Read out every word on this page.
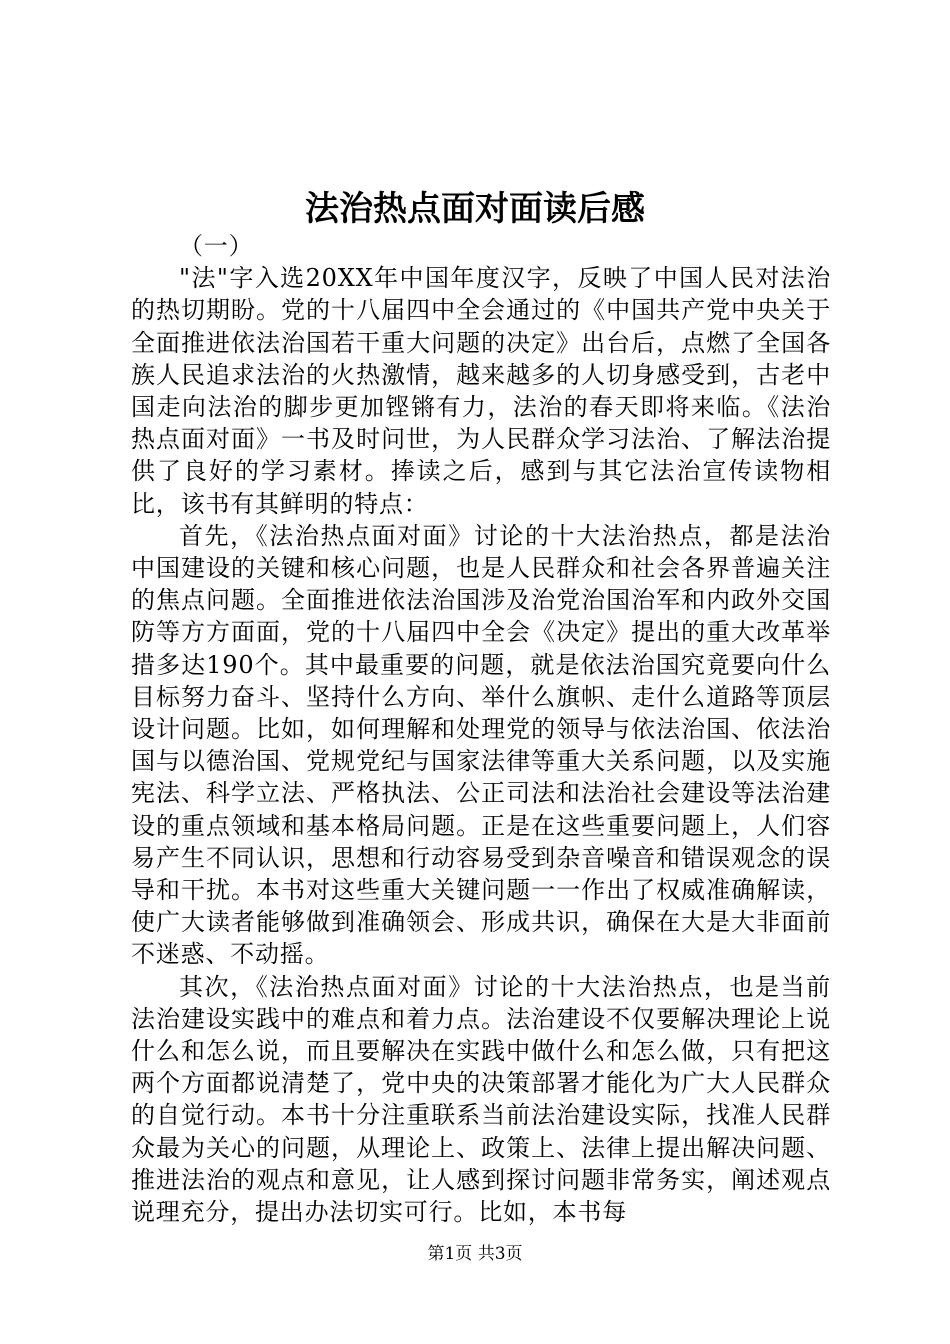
法治热点面对面读后感

（一）

"法"字入选20XX年中国年度汉字，反映了中国人民对法治的热切期盼。党的十八届四中全会通过的《中国共产党中央关于全面推进依法治国若干重大问题的决定》出台后，点燃了全国各族人民追求法治的火热激情，越来越多的人切身感受到，古老中国走向法治的脚步更加铿锵有力，法治的春天即将来临。《法治热点面对面》一书及时问世，为人民群众学习法治、了解法治提供了良好的学习素材。捧读之后，感到与其它法治宣传读物相比，该书有其鲜明的特点：

首先，《法治热点面对面》讨论的十大法治热点，都是法治中国建设的关键和核心问题，也是人民群众和社会各界普遍关注的焦点问题。全面推进依法治国涉及治党治国治军和内政外交国防等方方面面，党的十八届四中全会《决定》提出的重大改革举措多达190个。其中最重要的问题，就是依法治国究竟要向什么目标努力奋斗、坚持什么方向、举什么旗帜、走什么道路等顶层设计问题。比如，如何理解和处理党的领导与依法治国、依法治国与以德治国、党规党纪与国家法律等重大关系问题，以及实施宪法、科学立法、严格执法、公正司法和法治社会建设等法治建设的重点领域和基本格局问题。正是在这些重要问题上，人们容易产生不同认识，思想和行动容易受到杂音噪音和错误观念的误导和干扰。本书对这些重大关键问题一一作出了权威准确解读，使广大读者能够做到准确领会、形成共识，确保在大是大非面前不迷惑、不动摇。

其次，《法治热点面对面》讨论的十大法治热点，也是当前法治建设实践中的难点和着力点。法治建设不仅要解决理论上说什么和怎么说，而且要解决在实践中做什么和怎么做，只有把这两个方面都说清楚了，党中央的决策部署才能化为广大人民群众的自觉行动。本书十分注重联系当前法治建设实际，找准人民群众最为关心的问题，从理论上、政策上、法律上提出解决问题、推进法治的观点和意见，让人感到探讨问题非常务实，阐述观点说理充分，提出办法切实可行。比如，本书每

第1页 共3页
